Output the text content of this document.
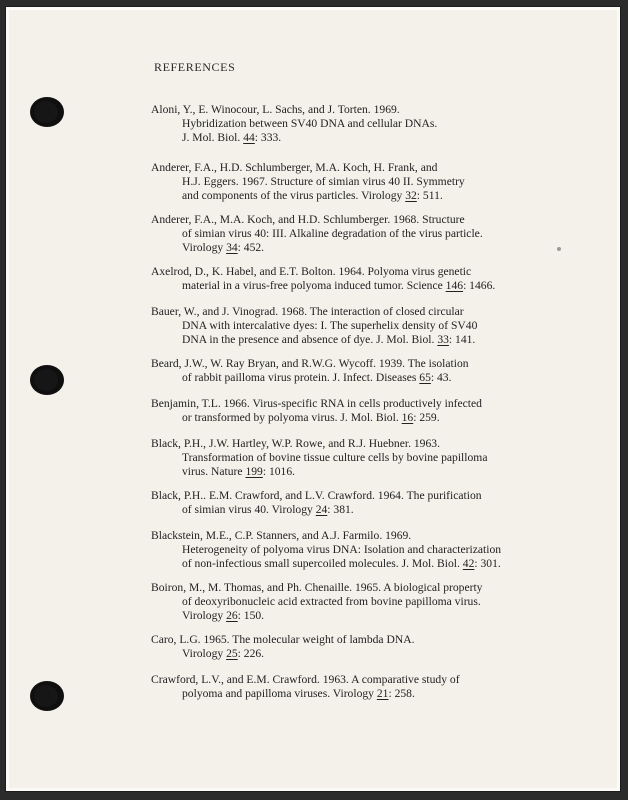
REFERENCES
Aloni, Y., E. Winocour, L. Sachs, and J. Torten. 1969.
Hybridization between SV40 DNA and cellular DNAs.
J. Mol. Biol. 44: 333.
Anderer, F.A., H.D. Schlumberger, M.A. Koch, H. Frank, and
H.J. Eggers. 1967. Structure of simian virus 40 II. Symmetry
and components of the virus particles. Virology 32: 511.
Anderer, F.A., M.A. Koch, and H.D. Schlumberger. 1968. Structure
of simian virus 40: III. Alkaline degradation of the virus particle.
Virology 34: 452.
Axelrod, D., K. Habel, and E.T. Bolton. 1964. Polyoma virus genetic
material in a virus-free polyoma induced tumor. Science 146: 1466.
Bauer, W., and J. Vinograd. 1968. The interaction of closed circular
DNA with intercalative dyes: I. The superhelix density of SV40
DNA in the presence and absence of dye. J. Mol. Biol. 33: 141.
Beard, J.W., W. Ray Bryan, and R.W.G. Wycoff. 1939. The isolation
of rabbit pailloma virus protein. J. Infect. Diseases 65: 43.
Benjamin, T.L. 1966. Virus-specific RNA in cells productively infected
or transformed by polyoma virus. J. Mol. Biol. 16: 259.
Black, P.H., J.W. Hartley, W.P. Rowe, and R.J. Huebner. 1963.
Transformation of bovine tissue culture cells by bovine papilloma
virus. Nature 199: 1016.
Black, P.H.. E.M. Crawford, and L.V. Crawford. 1964. The purification
of simian virus 40. Virology 24: 381.
Blackstein, M.E., C.P. Stanners, and A.J. Farmilo. 1969.
Heterogeneity of polyoma virus DNA: Isolation and characterization
of non-infectious small supercoiled molecules. J. Mol. Biol. 42: 301.
Boiron, M., M. Thomas, and Ph. Chenaille. 1965. A biological property
of deoxyribonucleic acid extracted from bovine papilloma virus.
Virology 26: 150.
Caro, L.G. 1965. The molecular weight of lambda DNA.
Virology 25: 226.
Crawford, L.V., and E.M. Crawford. 1963. A comparative study of
polyoma and papilloma viruses. Virology 21: 258.
